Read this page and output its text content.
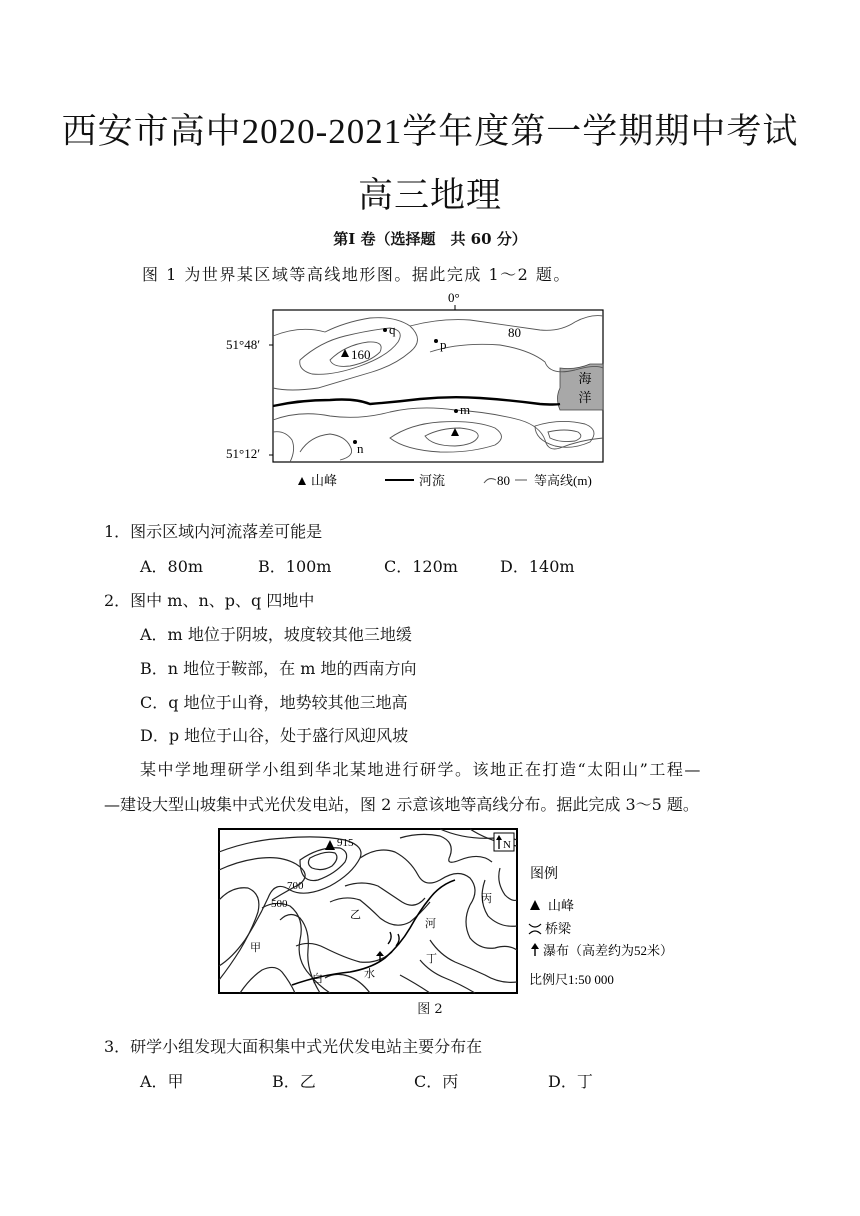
西安市高中2020-2021学年度第一学期期中考试
高三地理
第Ⅰ 卷（选择题　共 60 分）
图 1 为世界某区域等高线地形图。据此完成 1～2 题。
0°
51°48′
51°12′
海
洋
80
160
q
p
m
n
山峰	河流	80 等高线(m)
1．图示区域内河流落差可能是
A．80m	B．100m	C．120m	D．140m
2．图中 m、n、p、q 四地中
A．m 地位于阴坡，坡度较其他三地缓
B．n 地位于鞍部，在 m 地的西南方向
C．q 地位于山脊，地势较其他三地高
D．p 地位于山谷，处于盛行风迎风坡
某中学地理研学小组到华北某地进行研学。该地正在打造“太阳山”工程—
—建设大型山坡集中式光伏发电站，图 2 示意该地等高线分布。据此完成 3～5 题。
915
700
500
甲
乙
丙
丁
河
白	水
N
图例
山峰
桥梁
瀑布（高差约为52米）
比例尺1:50 000
图 2
3．研学小组发现大面积集中式光伏发电站主要分布在
A．甲	B．乙	C．丙	D．丁
